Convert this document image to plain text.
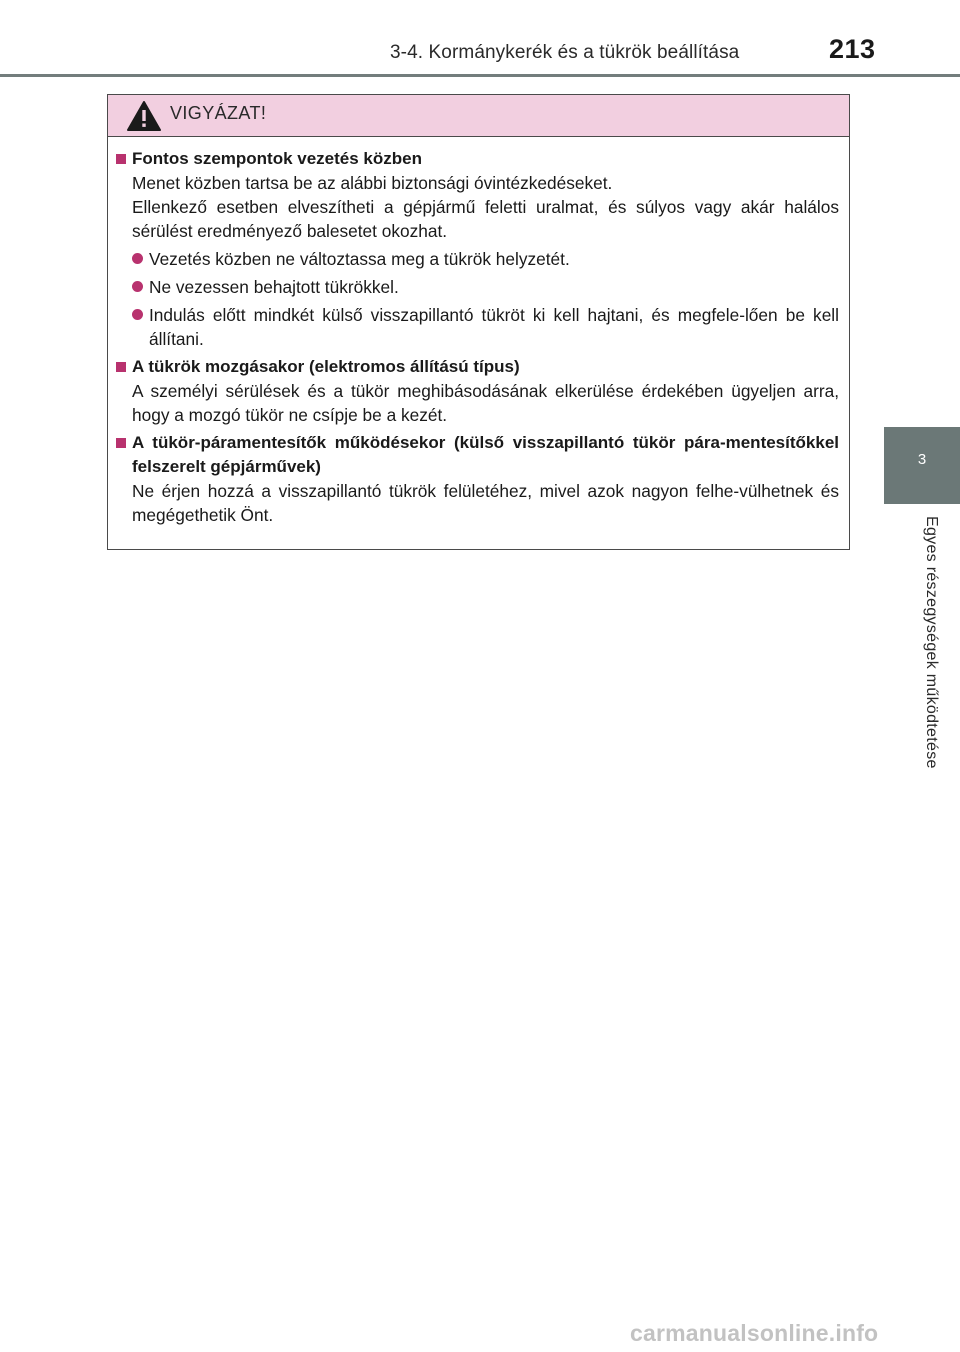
3-4. Kormánykerék és a tükrök beállítása	213
3
Egyes részegységek működtetése
VIGYÁZAT!
Fontos szempontok vezetés közben
Menet közben tartsa be az alábbi biztonsági óvintézkedéseket.
Ellenkező esetben elveszítheti a gépjármű feletti uralmat, és súlyos vagy akár halálos sérülést eredményező balesetet okozhat.
Vezetés közben ne változtassa meg a tükrök helyzetét.
Ne vezessen behajtott tükrökkel.
Indulás előtt mindkét külső visszapillantó tükröt ki kell hajtani, és megfele-lően be kell állítani.
A tükrök mozgásakor (elektromos állítású típus)
A személyi sérülések és a tükör meghibásodásának elkerülése érdekében ügyeljen arra, hogy a mozgó tükör ne csípje be a kezét.
A tükör-páramentesítők működésekor (külső visszapillantó tükör pára-mentesítőkkel felszerelt gépjárművek)
Ne érjen hozzá a visszapillantó tükrök felületéhez, mivel azok nagyon felhe-vülhetnek és megégethetik Önt.
carmanualsonline.info
